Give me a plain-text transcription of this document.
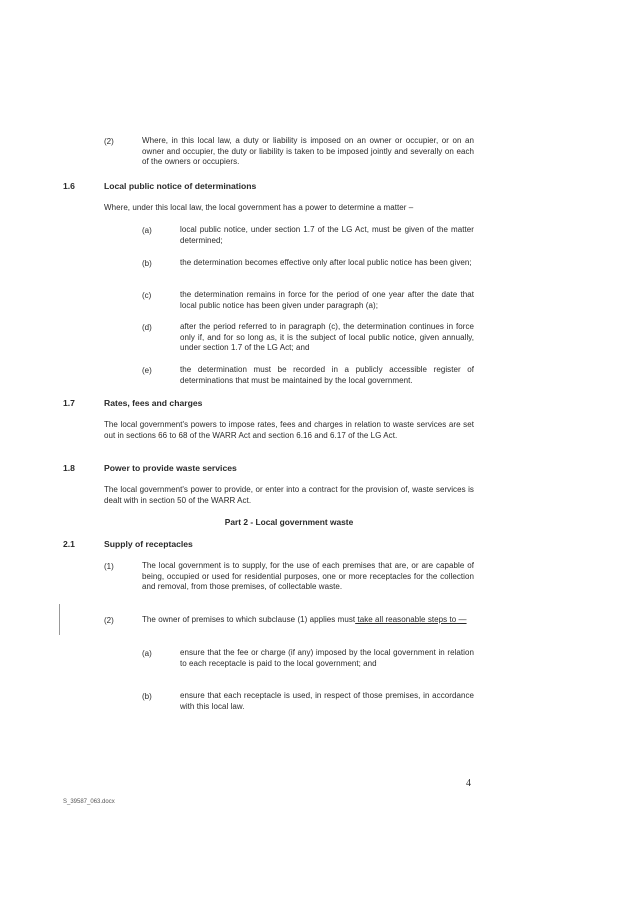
(2)	Where, in this local law, a duty or liability is imposed on an owner or occupier, or on an owner and occupier, the duty or liability is taken to be imposed jointly and severally on each of the owners or occupiers.

1.6	Local public notice of determinations

Where, under this local law, the local government has a power to determine a matter –

(a)	local public notice, under section 1.7 of the LG Act, must be given of the matter determined;

(b)	the determination becomes effective only after local public notice has been given;

(c)	the determination remains in force for the period of one year after the date that local public notice has been given under paragraph (a);

(d)	after the period referred to in paragraph (c), the determination continues in force only if, and for so long as, it is the subject of local public notice, given annually, under section 1.7 of the LG Act; and

(e)	the determination must be recorded in a publicly accessible register of determinations that must be maintained by the local government.

1.7	Rates, fees and charges

The local government's powers to impose rates, fees and charges in relation to waste services are set out in sections 66 to 68 of the WARR Act and section 6.16 and 6.17 of the LG Act.

1.8	Power to provide waste services

The local government's power to provide, or enter into a contract for the provision of, waste services is dealt with in section 50 of the WARR Act.

Part 2 - Local government waste

2.1	Supply of receptacles
(1)	The local government is to supply, for the use of each premises that are, or are capable of being, occupied or used for residential purposes, one or more receptacles for the collection and removal, from those premises, of collectable waste.

(2)	The owner of premises to which subclause (1) applies must take all reasonable steps to —

(a)	ensure that the fee or charge (if any) imposed by the local government in relation to each receptacle is paid to the local government; and

(b)	ensure that each receptacle is used, in respect of those premises, in accordance with this local law.

4
S_39587_063.docx
